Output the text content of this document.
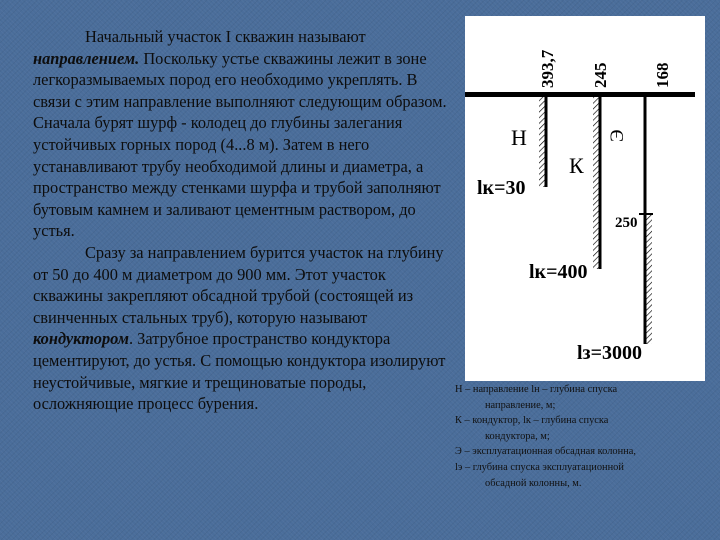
Начальный участок I скважин называют направлением. Поскольку устье скважины лежит в зоне легкоразмываемых пород его необходимо укреплять. В связи с этим направление выполняют следующим образом. Сначала бурят шурф - колодец до глубины залегания устойчивых горных пород (4...8 м). Затем в него устанавливают трубу необходимой длины и диаметра, а пространство между стенками шурфа и трубой заполняют бутовым камнем и заливают цементным раствором, до устья.

Сразу за направлением бурится участок на глубину от 50 до 400 м диаметром до 900 мм. Этот участок скважины закрепляют обсадной трубой (состоящей из свинченных стальных труб), которую называют кондуктором. Затрубное пространство кондуктора цементируют, до устья. С помощью кондуктора изолируют неустойчивые, мягкие и трещиноватые породы, осложняющие процесс бурения.

393,7 245	168
Н
К
Э
lк=30
250
lк=400
lз=3000

Н – направление lн – глубина спуска

направление, м;

К – кондуктор, lк – глубина спуска

кондуктора, м;

Э – эксплуатационная обсадная колонна,

lэ – глубина спуска эксплуатационной

обсадной колонны, м.
